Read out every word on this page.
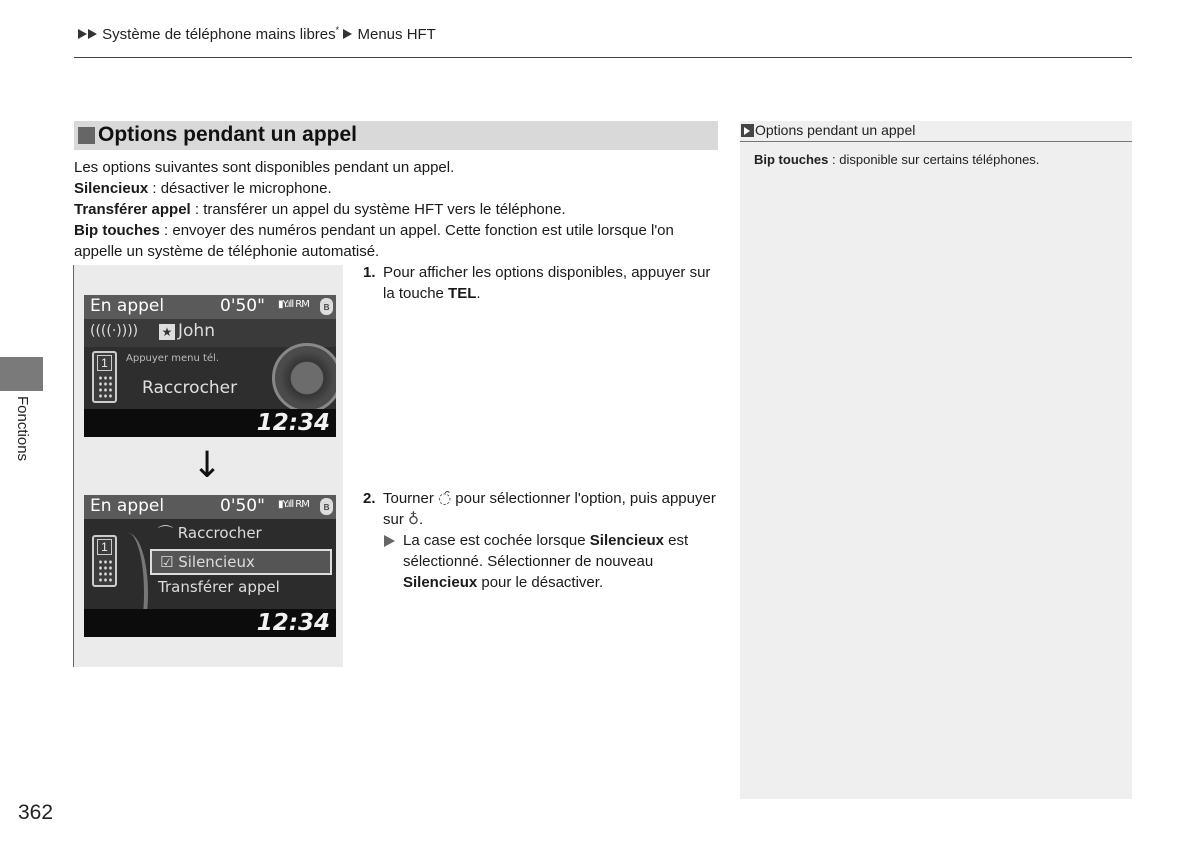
Système de téléphone mains libres* Menus HFT
Fonctions
362
Options pendant un appel
Les options suivantes sont disponibles pendant un appel.
Silencieux : désactiver le microphone.
Transférer appel : transférer un appel du système HFT vers le téléphone.
Bip touches : envoyer des numéros pendant un appel. Cette fonction est utile lorsque l'on appelle un système de téléphonie automatisé.
En appel	0'50" ▮Y.ıll RM ʙ
((((·)))) ★ John
1	Appuyer menu tél.
Raccrocher
12:34
↓
En appel	0'50" ▮Y.ıll RM ʙ
1
⌒ Raccrocher
☑ Silencieux
Transférer appel
12:34
1. Pour afficher les options disponibles, appuyer sur la touche TEL.
2. Tourner ◌̑ pour sélectionner l'option, puis appuyer sur ♁.
La case est cochée lorsque Silencieux est sélectionné. Sélectionner de nouveau Silencieux pour le désactiver.
Options pendant un appel
Bip touches : disponible sur certains téléphones.
